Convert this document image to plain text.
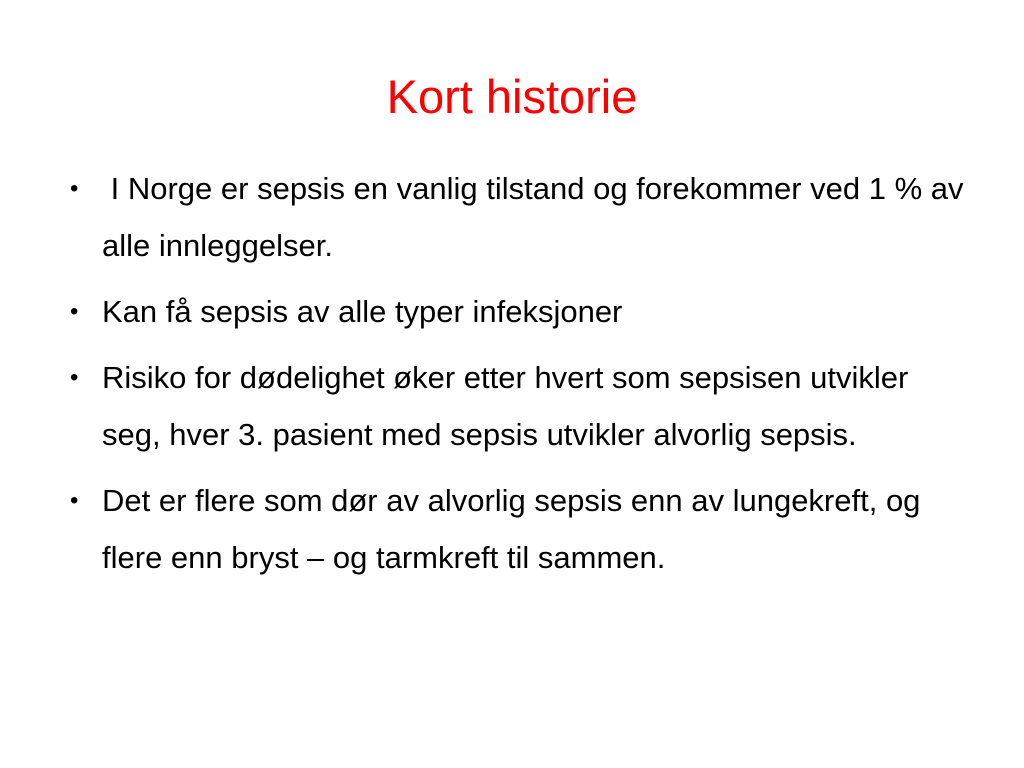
Kort historie
• I Norge er sepsis en vanlig tilstand og forekommer ved 1 % av alle innleggelser.
• Kan få sepsis av alle typer infeksjoner
• Risiko for dødelighet øker etter hvert som sepsisen utvikler seg, hver 3. pasient med sepsis utvikler alvorlig sepsis.
• Det er flere som dør av alvorlig sepsis enn av lungekreft, og flere enn bryst – og tarmkreft til sammen.
